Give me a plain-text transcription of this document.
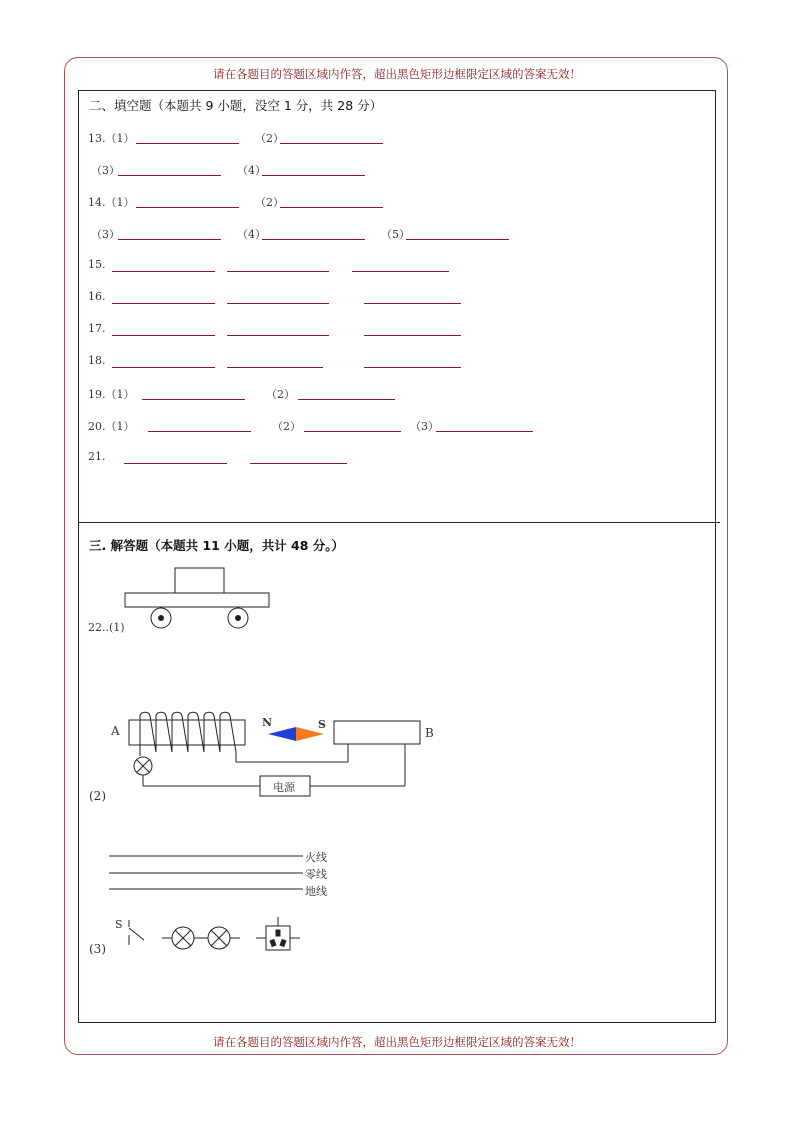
请在各题目的答题区域内作答，超出黑色矩形边框限定区域的答案无效！
请在各题目的答题区域内作答，超出黑色矩形边框限定区域的答案无效！
二、填空题（本题共 9 小题，没空 1 分，共 28 分）
13.（1）	（2）
（3）	（4）
14.（1）	（2）
（3）	（4）	（5）
15.
16.
17.
18.
19.（1）	（2）
20.（1）	（2）	（3）
21.
三. 解答题（本题共 11 小题，共计 48 分。）
22..(1)
(2)
(3)
A	B
N	S
电源
火线
零线
地线
S
